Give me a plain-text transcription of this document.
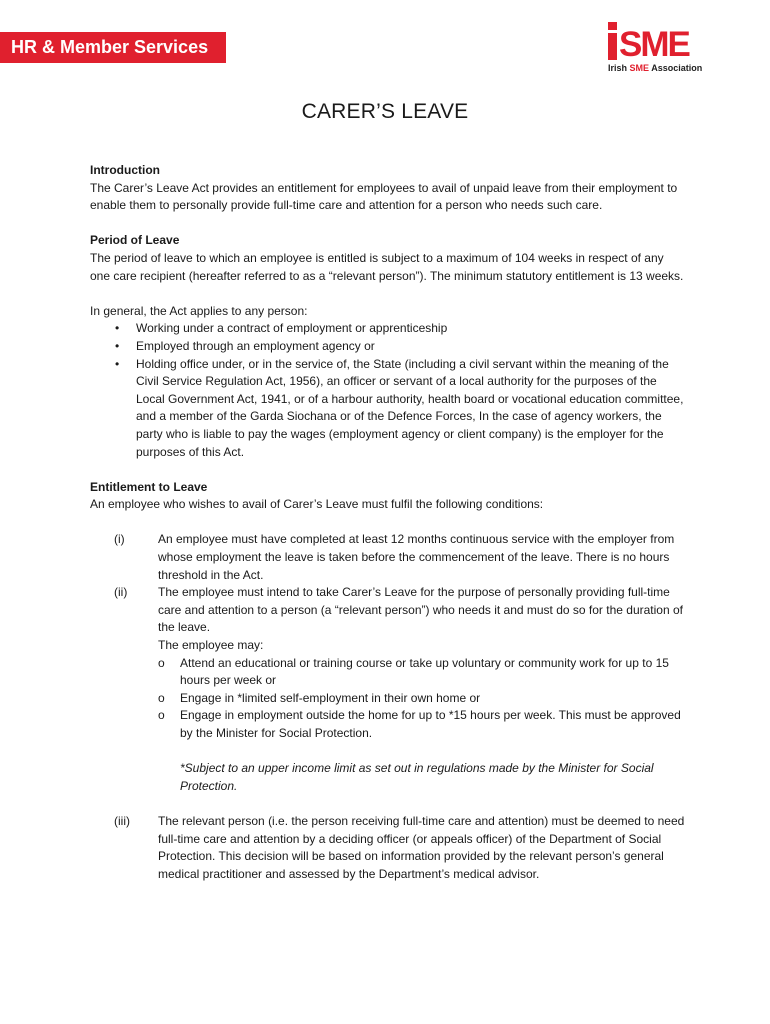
HR & Member Services	SME
Irish SME Association
CARER’S LEAVE

Introduction

The Carer’s Leave Act provides an entitlement for employees to avail of unpaid leave from their employment to enable them to personally provide full-time care and attention for a person who needs such care.

Period of Leave

The period of leave to which an employee is entitled is subject to a maximum of 104 weeks in respect of any one care recipient (hereafter referred to as a “relevant person”). The minimum statutory entitlement is 13 weeks.

In general, the Act applies to any person:

• Working under a contract of employment or apprenticeship
• Employed through an employment agency or
• Holding office under, or in the service of, the State (including a civil servant within the meaning of the Civil Service Regulation Act, 1956), an officer or servant of a local authority for the purposes of the Local Government Act, 1941, or of a harbour authority, health board or vocational education committee, and a member of the Garda Siochana or of the Defence Forces, In the case of agency workers, the party who is liable to pay the wages (employment agency or client company) is the employer for the purposes of this Act.

Entitlement to Leave

An employee who wishes to avail of Carer’s Leave must fulfil the following conditions:

(i)	An employee must have completed at least 12 months continuous service with the employer from whose employment the leave is taken before the commencement of the leave. There is no hours threshold in the Act.
(ii)	The employee must intend to take Carer’s Leave for the purpose of personally providing full-time care and attention to a person (a “relevant person”) who needs it and must do so for the duration of the leave.

The employee may:

o Attend an educational or training course or take up voluntary or community work for up to 15 hours per week or
o Engage in *limited self-employment in their own home or
o Engage in employment outside the home for up to *15 hours per week. This must be approved by the Minister for Social Protection.

*Subject to an upper income limit as set out in regulations made by the Minister for Social Protection.

(iii) The relevant person (i.e. the person receiving full-time care and attention) must be deemed to need full-time care and attention by a deciding officer (or appeals officer) of the Department of Social Protection. This decision will be based on information provided by the relevant person’s general medical practitioner and assessed by the Department’s medical advisor.
